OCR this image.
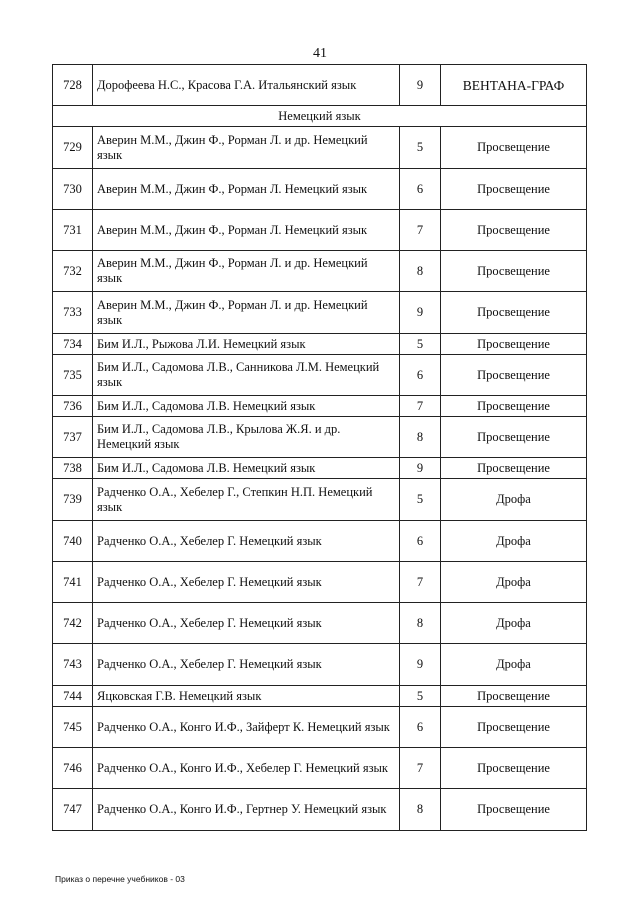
41
728	Дорофеева Н.С., Красова Г.А. Итальянский язык	9	ВЕНТАНА-ГРАФ
Немецкий язык			
729	Аверин М.М., Джин Ф., Рорман Л. и др. Немецкий язык	5	Просвещение
730	Аверин М.М., Джин Ф., Рорман Л. Немецкий язык	6	Просвещение
731	Аверин М.М., Джин Ф., Рорман Л. Немецкий язык	7	Просвещение
732	Аверин М.М., Джин Ф., Рорман Л. и др. Немецкий язык	8	Просвещение
733	Аверин М.М., Джин Ф., Рорман Л. и др. Немецкий язык	9	Просвещение
734	Бим И.Л., Рыжова Л.И. Немецкий язык	5	Просвещение
735	Бим И.Л., Садомова Л.В., Санникова Л.М. Немецкий язык	6	Просвещение
736	Бим И.Л., Садомова Л.В. Немецкий язык	7	Просвещение
737	Бим И.Л., Садомова Л.В., Крылова Ж.Я. и др. Немецкий язык	8	Просвещение
738	Бим И.Л., Садомова Л.В. Немецкий язык	9	Просвещение
739	Радченко О.А., Хебелер Г., Степкин Н.П. Немецкий язык	5	Дрофа
740	Радченко О.А., Хебелер Г. Немецкий язык	6	Дрофа
741	Радченко О.А., Хебелер Г. Немецкий язык	7	Дрофа
742	Радченко О.А., Хебелер Г. Немецкий язык	8	Дрофа
743	Радченко О.А., Хебелер Г. Немецкий язык	9	Дрофа
744	Яцковская Г.В. Немецкий язык	5	Просвещение
745	Радченко О.А., Конго И.Ф., Зайферт К. Немецкий язык	6	Просвещение
746	Радченко О.А., Конго И.Ф., Хебелер Г. Немецкий язык	7	Просвещение
747	Радченко О.А., Конго И.Ф., Гертнер У. Немецкий язык	8	Просвещение
Приказ о перечне учебников - 03
